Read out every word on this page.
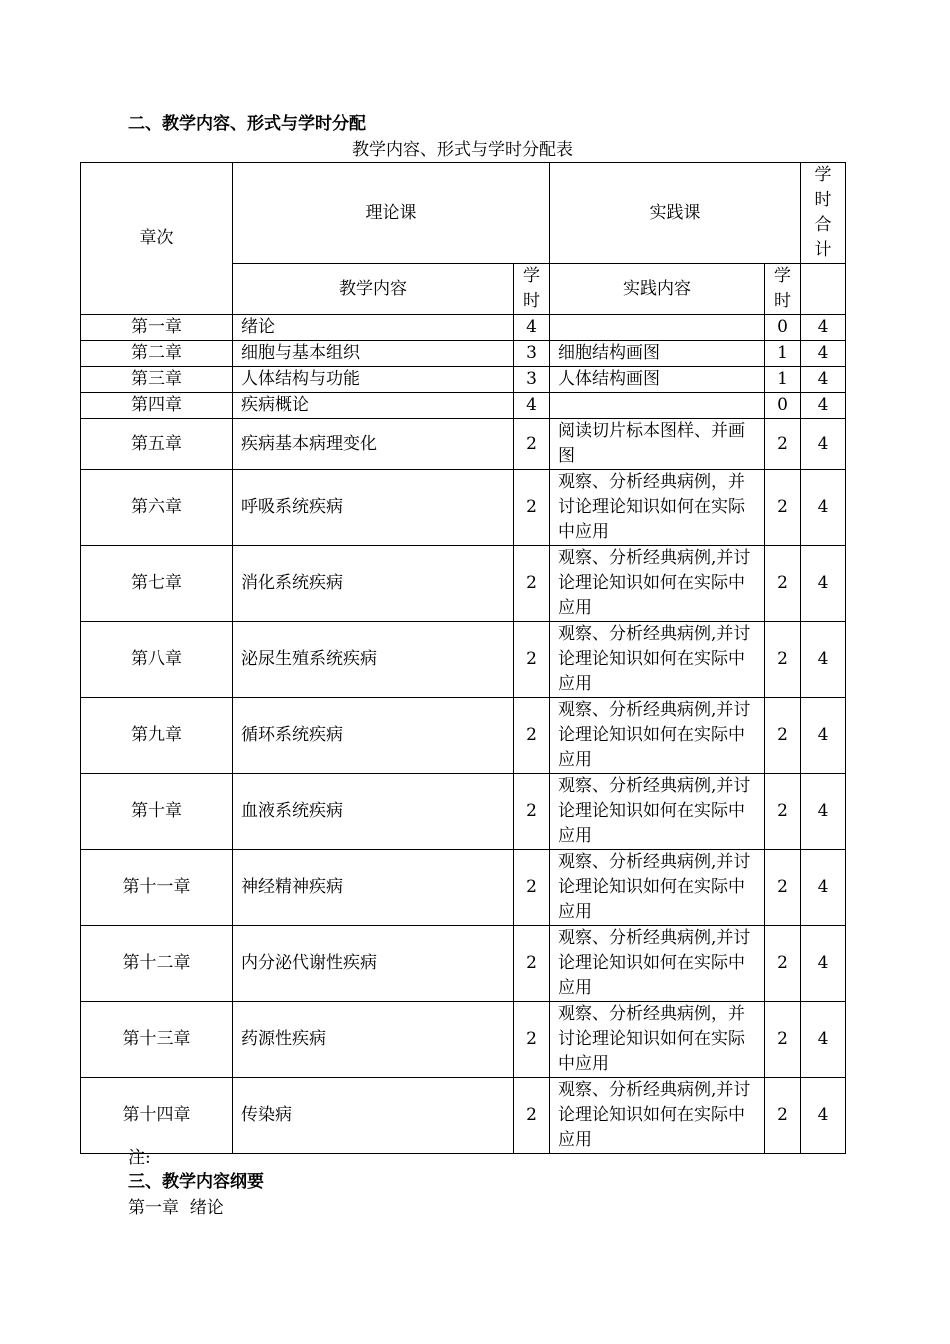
二、教学内容、形式与学时分配
教学内容、形式与学时分配表
章次	理论课		实践课		学时合计
	教学内容	学时	实践内容	学时	
第一章	绪论	4		0	4
第二章	细胞与基本组织	3	细胞结构画图	1	4
第三章	人体结构与功能	3	人体结构画图	1	4
第四章	疾病概论	4		0	4
第五章	疾病基本病理变化	2	阅读切片标本图样、并画图	2	4
第六章	呼吸系统疾病	2	观察、分析经典病例，并讨论理论知识如何在实际中应用	2	4
第七章	消化系统疾病	2	观察、分析经典病例,并讨论理论知识如何在实际中应用	2	4
第八章	泌尿生殖系统疾病	2	观察、分析经典病例,并讨论理论知识如何在实际中应用	2	4
第九章	循环系统疾病	2	观察、分析经典病例,并讨论理论知识如何在实际中应用	2	4
第十章	血液系统疾病	2	观察、分析经典病例,并讨论理论知识如何在实际中应用	2	4
第十一章	神经精神疾病	2	观察、分析经典病例,并讨论理论知识如何在实际中应用	2	4
第十二章	内分泌代谢性疾病	2	观察、分析经典病例,并讨论理论知识如何在实际中应用	2	4
第十三章	药源性疾病	2	观察、分析经典病例，并讨论理论知识如何在实际中应用	2	4
第十四章	传染病	2	观察、分析经典病例,并讨论理论知识如何在实际中应用	2	4
注:
三、教学内容纲要
第一章  绪论
